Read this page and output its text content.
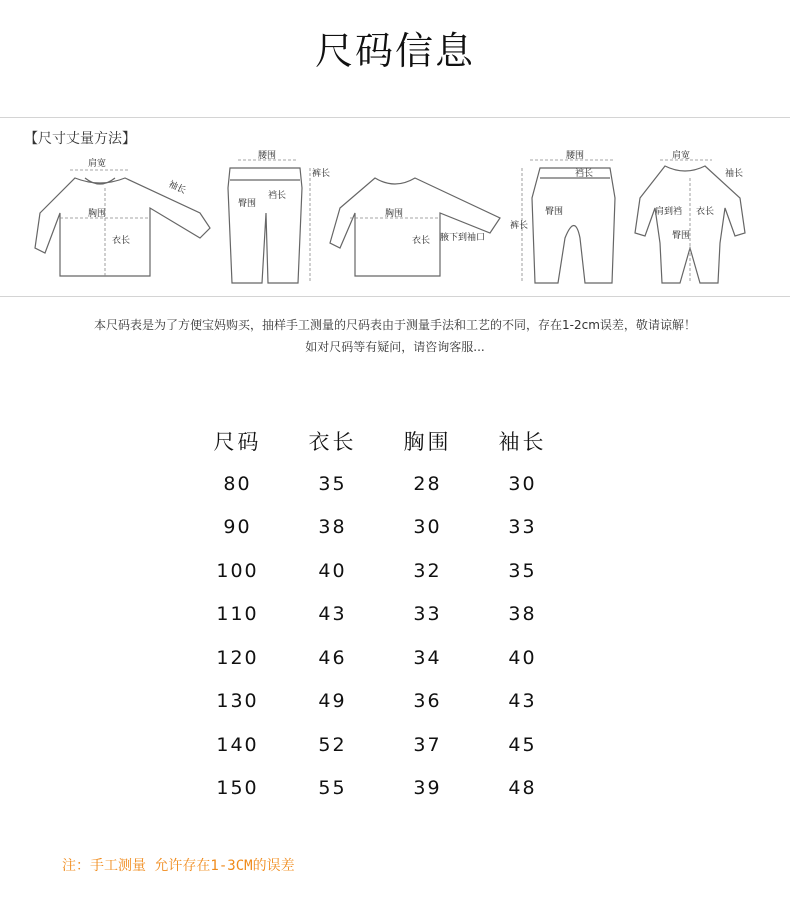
尺码信息
【尺寸丈量方法】
肩宽
袖长
胸围
衣长
腰围
裤长
臀围
裆长
胸围
衣长 腋下到袖口
腰围
裆长
臀围
裤长
肩宽
袖长
肩到裆 衣长
臀围
本尺码表是为了方便宝妈购买，抽样手工测量的尺码表由于测量手法和工艺的不同，存在1-2cm误差，敬请谅解！
如对尺码等有疑问，请咨询客服...
尺码	衣长	胸围	袖长
80	35	28	30
90	38	30	33
100	40	32	35
110	43	33	38
120	46	34	40
130	49	36	43
140	52	37	45
150	55	39	48
注：手工测量 允许存在1-3CM的误差
